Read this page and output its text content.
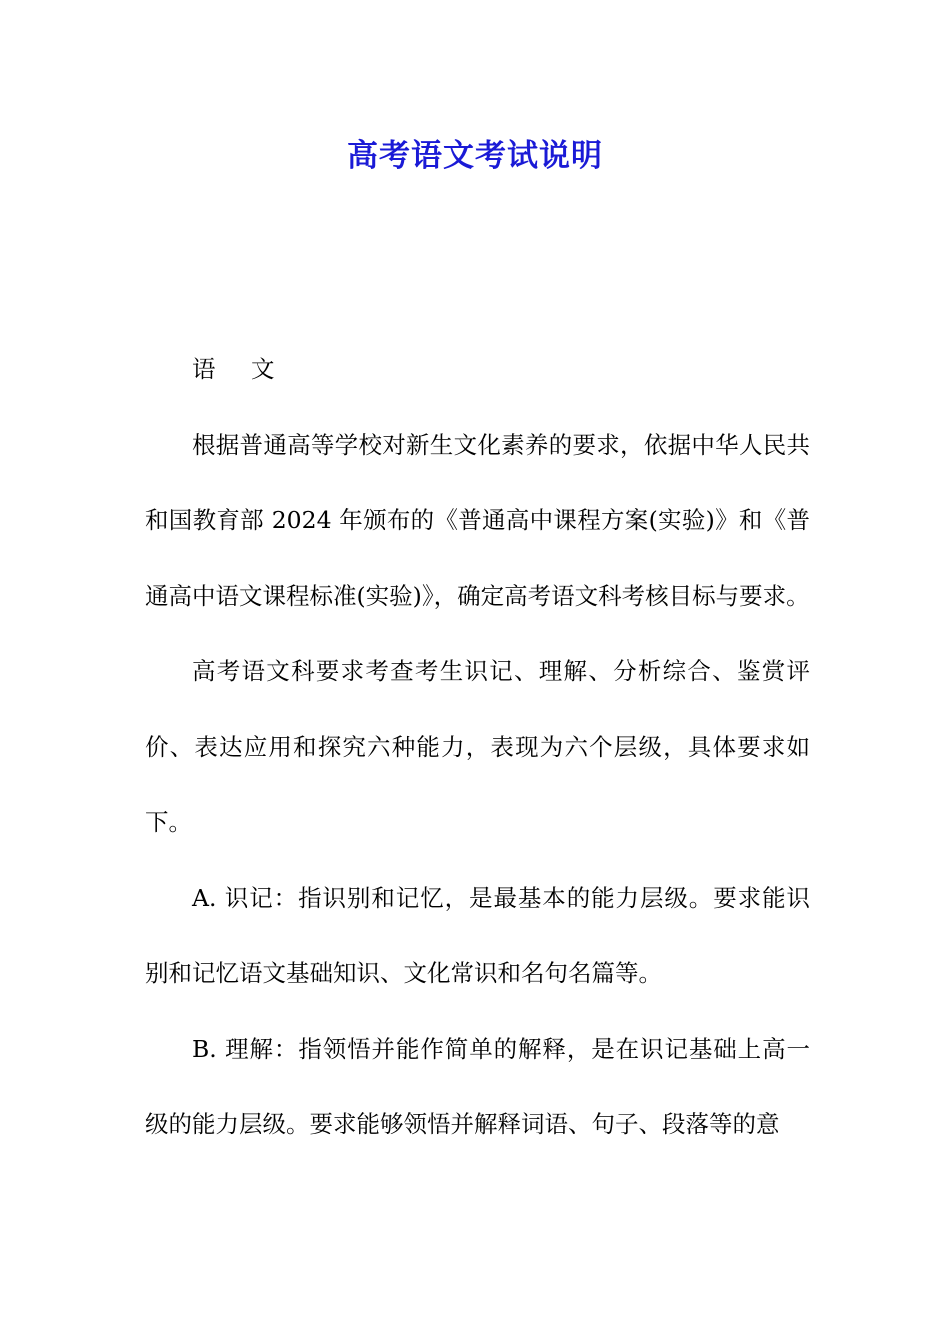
高考语文考试说明

语 文

根据普通高等学校对新生文化素养的要求，依据中华人民共和国教育部 2024 年颁布的《普通高中课程方案(实验)》和《普通高中语文课程标准(实验)》，确定高考语文科考核目标与要求。

高考语文科要求考查考生识记、理解、分析综合、鉴赏评价、表达应用和探究六种能力，表现为六个层级，具体要求如下。

A. 识记：指识别和记忆，是最基本的能力层级。要求能识别和记忆语文基础知识、文化常识和名句名篇等。

B. 理解：指领悟并能作简单的解释，是在识记基础上高一级的能力层级。要求能够领悟并解释词语、句子、段落等的意
